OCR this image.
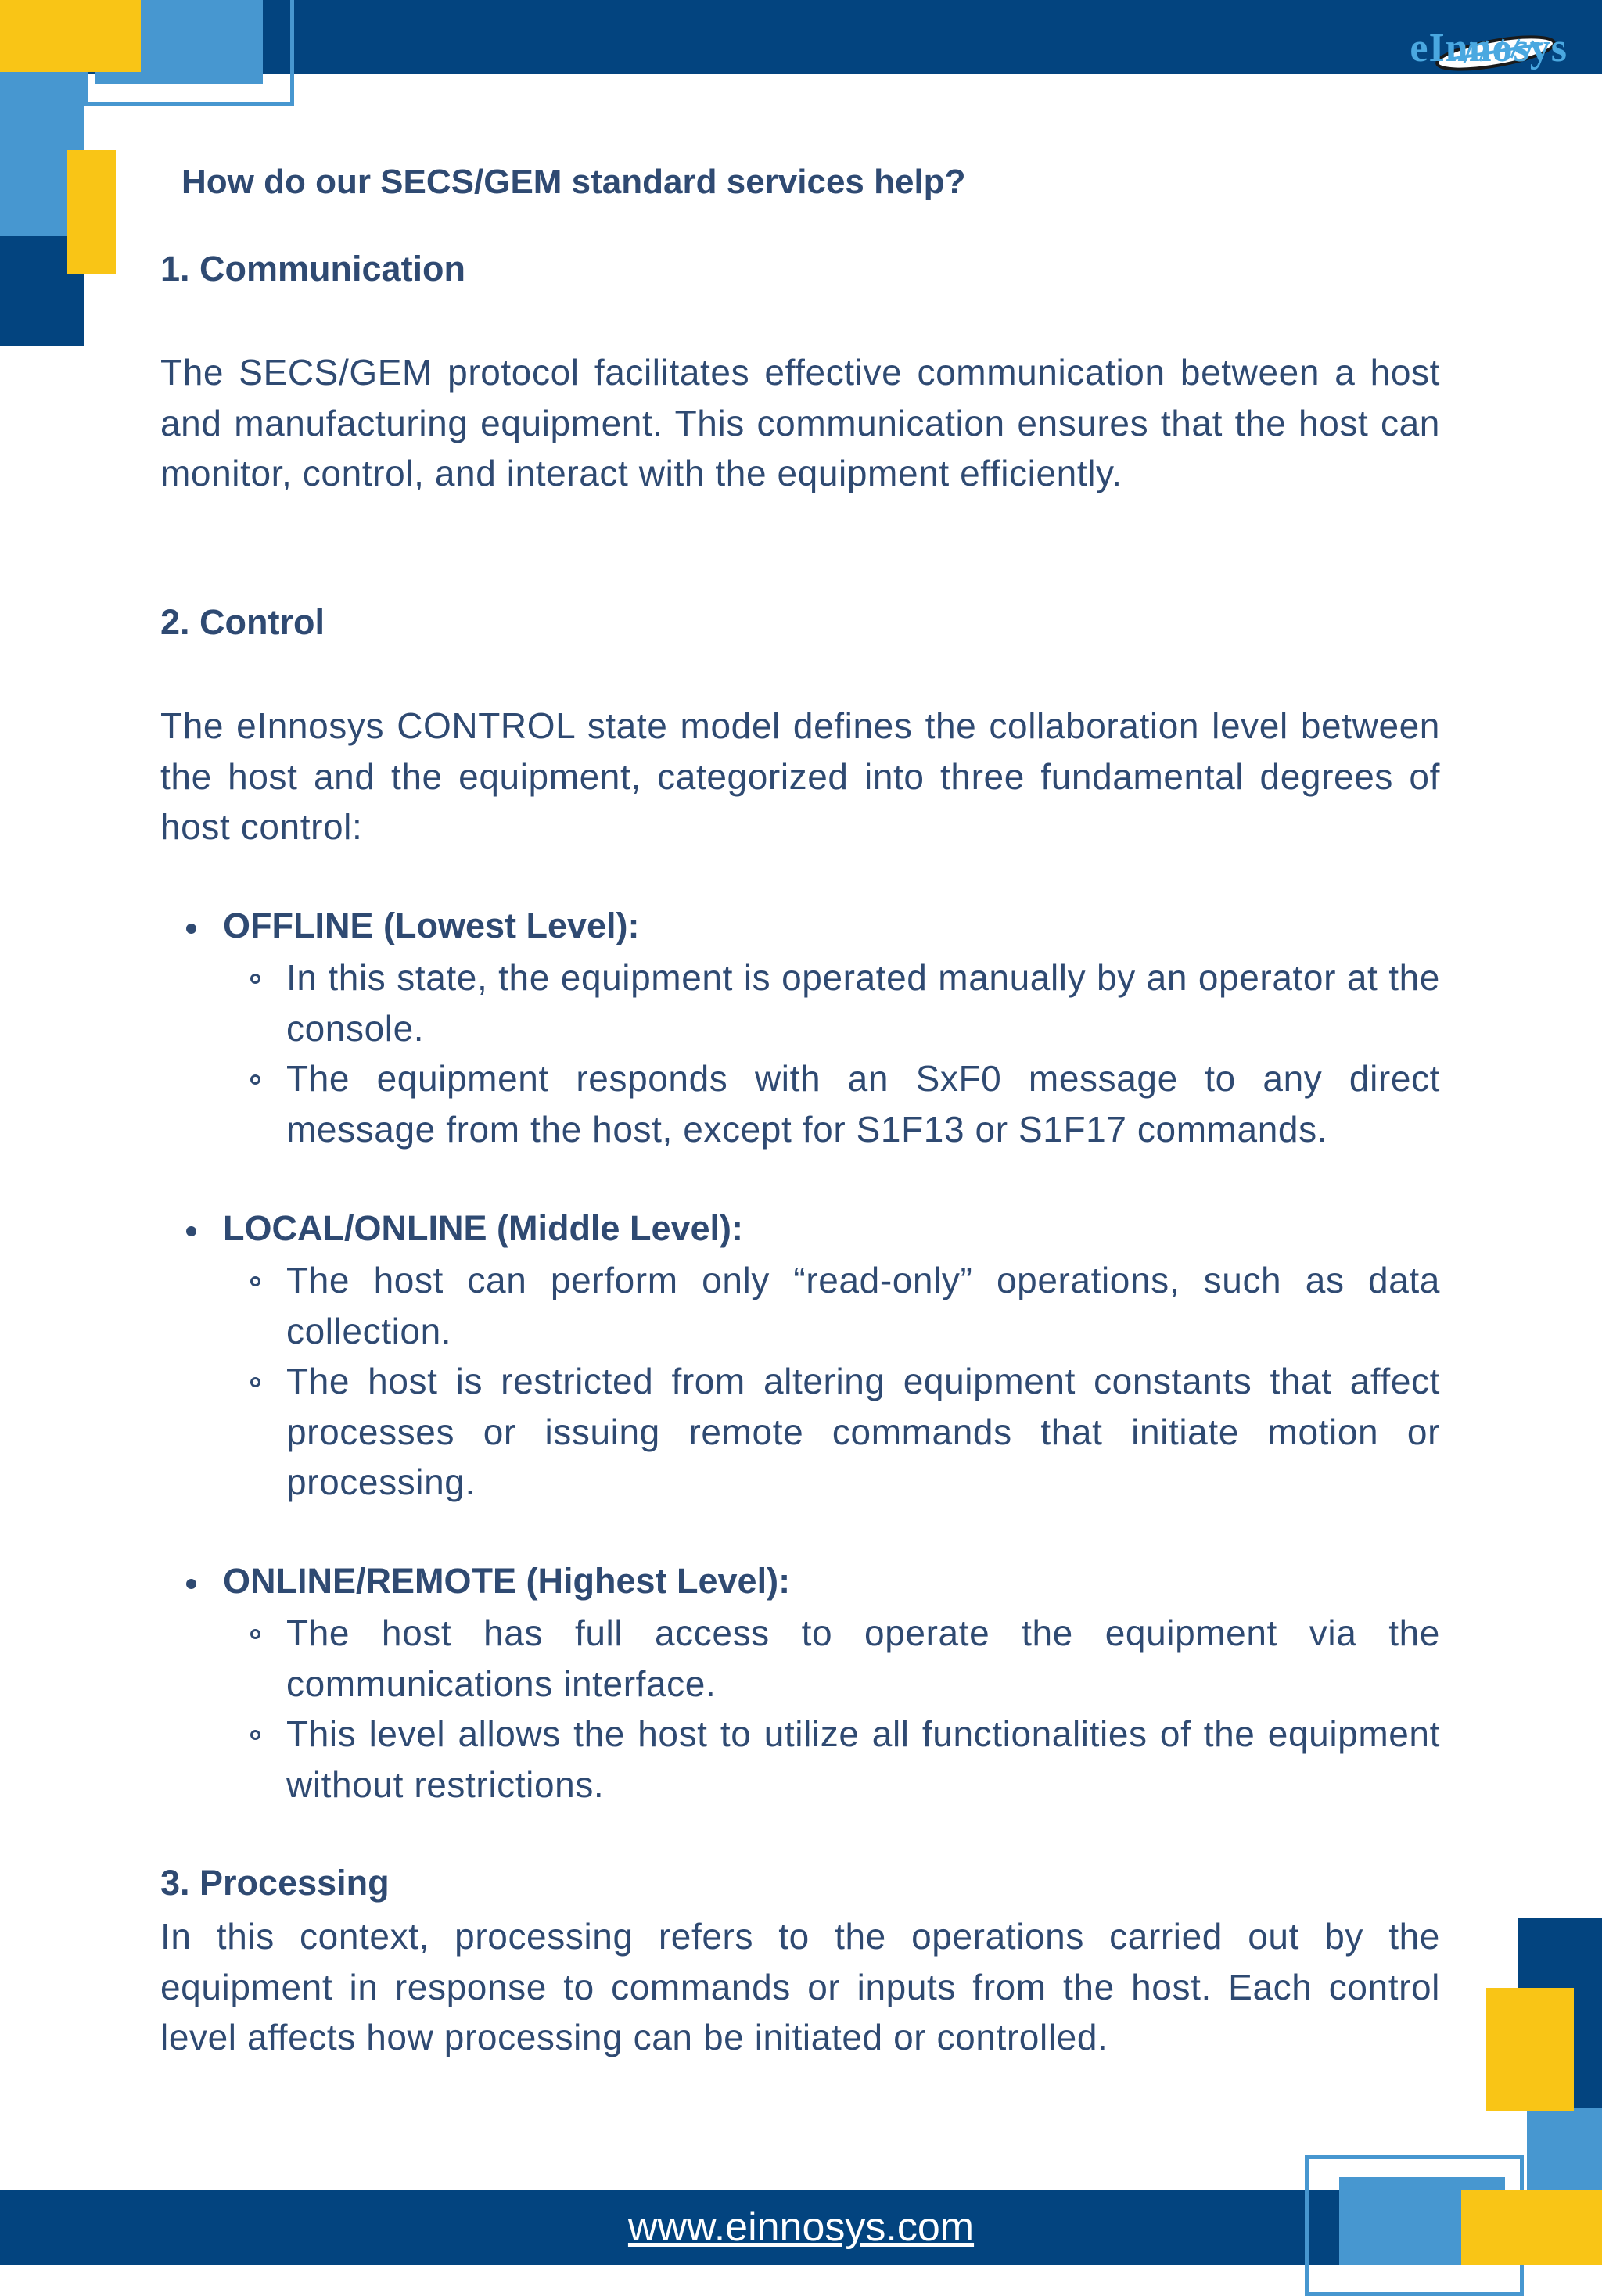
eInnosys
How do our SECS/GEM standard services help?
1. Communication
The SECS/GEM protocol facilitates effective communication between a host and manufacturing equipment. This communication ensures that the host can monitor, control, and interact with the equipment efficiently.
2. Control
The eInnosys CONTROL state model defines the collaboration level between the host and the equipment, categorized into three fundamental degrees of host control:
OFFLINE (Lowest Level):
In this state, the equipment is operated manually by an operator at the console.
The equipment responds with an SxF0 message to any direct message from the host, except for S1F13 or S1F17 commands.
LOCAL/ONLINE (Middle Level):
The host can perform only “read-only” operations, such as data collection.
The host is restricted from altering equipment constants that affect processes or issuing remote commands that initiate motion or processing.
ONLINE/REMOTE (Highest Level):
The host has full access to operate the equipment via the communications interface.
This level allows the host to utilize all functionalities of the equipment without restrictions.
3. Processing
In this context, processing refers to the operations carried out by the equipment in response to commands or inputs from the host. Each control level affects how processing can be initiated or controlled.
www.einnosys.com
